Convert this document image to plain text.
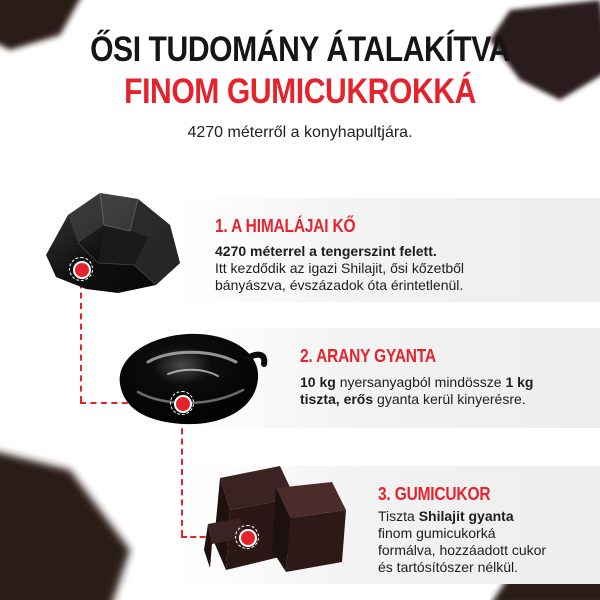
ŐSI TUDOMÁNY ÁTALAKÍTVA
FINOM GUMICUKROKKÁ
4270 méterről a konyhapultjára.
1. A HIMALÁJAI KŐ
4270 méterrel a tengerszint felett.
Itt kezdődik az igazi Shilajit, ősi kőzetből
bányászva, évszázadok óta érintetlenül.
2. ARANY GYANTA
10 kg nyersanyagból mindössze 1 kg
tiszta, erős gyanta kerül kinyerésre.
3. GUMICUKOR
Tiszta Shilajit gyanta
finom gumicukorká
formálva, hozzáadott cukor
és tartósítószer nélkül.
